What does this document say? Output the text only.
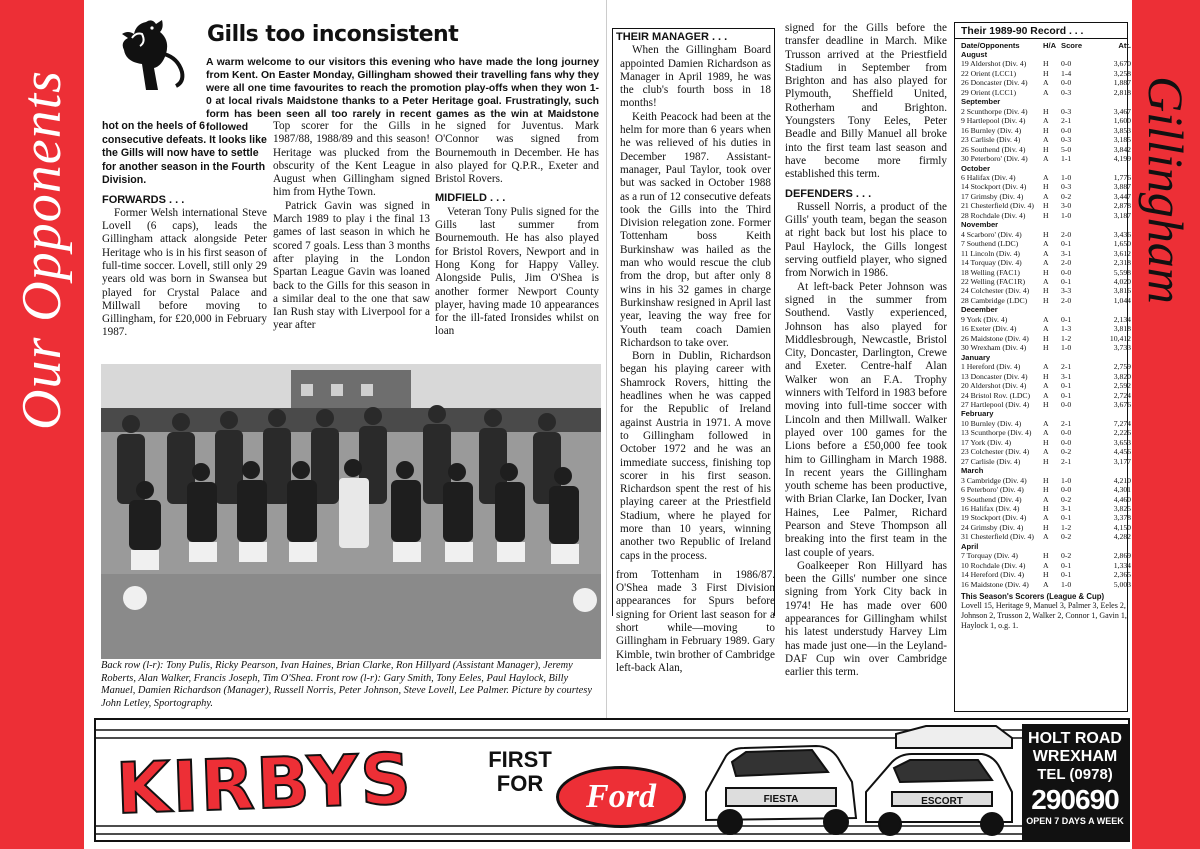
Our Opponents	Gillingham
Gills too inconsistent
A warm welcome to our visitors this evening who have made the long journey from Kent. On Easter Monday, Gillingham showed their travelling fans why they were all one time favourites to reach the promotion play-offs when they won 1-0 at local rivals Maidstone thanks to a Peter Heritage goal. Frustratingly, such form has been seen all too rarely in recent games as the win at Maidstone followed

hot on the heels of 6 consecutive defeats. It looks like the Gills will now have to settle for another season in the Fourth Division.

FORWARDS . . .

Former Welsh international Steve Lovell (6 caps), leads the Gillingham attack alongside Peter Heritage who is in his first season of full-time soccer. Lovell, still only 29 years old was born in Swansea but played for Crystal Palace and Millwall before moving to Gillingham, for £20,000 in February 1987.

Top scorer for the Gills in 1987/88, 1988/89 and this season! Heritage was plucked from the obscurity of the Kent League in August when Gillingham signed him from Hythe Town.

Patrick Gavin was signed in March 1989 to play i the final 13 games of last season in which he scored 7 goals. Less than 3 months after playing in the London Spartan League Gavin was loaned back to the Gills for this season in a similar deal to the one that saw Ian Rush stay with Liverpool for a year after

he signed for Juventus. Mark O'Connor was signed from Bournemouth in December. He has also played for Q.P.R., Exeter and Bristol Rovers.

MIDFIELD . . .

Veteran Tony Pulis signed for the Gills last summer from Bournemouth. He has also played for Bristol Rovers, Newport and in Hong Kong for Happy Valley. Alongside Pulis, Jim O'Shea is another former Newport County player, having made 10 appearances for the ill-fated Ironsides whilst on loan

Back row (l-r): Tony Pulis, Ricky Pearson, Ivan Haines, Brian Clarke, Ron Hillyard (Assistant Manager), Jeremy Roberts, Alan Walker, Francis Joseph, Tim O'Shea. Front row (l-r): Gary Smith, Tony Eeles, Paul Haylock, Billy Manuel, Damien Richardson (Manager), Russell Norris, Peter Johnson, Steve Lovell, Lee Palmer. Picture by courtesy John Letley, Sportography.

THEIR MANAGER . . .

When the Gillingham Board appointed Damien Richardson as Manager in April 1989, he was the club's fourth boss in 18 months!

Keith Peacock had been at the helm for more than 6 years when he was relieved of his duties in December 1987. Assistant-manager, Paul Taylor, took over but was sacked in October 1988 as a run of 12 consecutive defeats took the Gills into the Third Division relegation zone. Former Tottenham boss Keith Burkinshaw was hailed as the man who would rescue the club from the drop, but after only 8 wins in his 32 games in charge Burkinshaw resigned in April last year, leaving the way free for Youth team coach Damien Richardson to take over.

Born in Dublin, Richardson began his playing career with Shamrock Rovers, hitting the headlines when he was capped for the Republic of Ireland against Austria in 1971. A move to Gillingham followed in October 1972 and he was an immediate success, finishing top scorer in his first season. Richardson spent the rest of his playing career at the Priestfield Stadium, where he played for more than 10 years, winning another two Republic of Ireland caps in the process.

from Tottenham in 1986/87. O'Shea made 3 First Division appearances for Spurs before signing for Orient last season for a short while—moving to Gillingham in February 1989. Gary Kimble, twin brother of Cambridge left-back Alan,

signed for the Gills before the transfer deadline in March. Mike Trusson arrived at the Priestfield Stadium in September from Brighton and has also played for Plymouth, Sheffield United, Rotherham and Brighton. Youngsters Tony Eeles, Peter Beadle and Billy Manuel all broke into the first team last season and have become more firmly established this term.

DEFENDERS . . .

Russell Norris, a product of the Gills' youth team, began the season at right back but lost his place to Paul Haylock, the Gills longest serving outfield player, who signed from Norwich in 1986.

At left-back Peter Johnson was signed in the summer from Southend. Vastly experienced, Johnson has also played for Middlesbrough, Newcastle, Bristol City, Doncaster, Darlington, Crewe and Exeter. Centre-half Alan Walker won an F.A. Trophy winners with Telford in 1983 before moving into full-time soccer with Lincoln and then Millwall. Walker played over 100 games for the Lions before a £50,000 fee took him to Gillingham in March 1988. In recent years the Gillingham youth scheme has been productive, with Brian Clarke, Ian Docker, Ivan Haines, Lee Palmer, Richard Pearson and Steve Thompson all breaking into the first team in the last couple of years.

Goalkeeper Ron Hillyard has been the Gills' number one since signing from York City back in 1974! He has made over 600 appearances for Gillingham whilst his latest understudy Harvey Lim has made just one—in the Leyland-DAF Cup win over Cambridge earlier this term.

Their 1989-90 Record . . .
Date/Opponents	H/A Score	Att.
August
19 Aldershot (Div. 4)	H	0-0	3,670
22 Orient (LCC1)	H	1-4	3,258
26 Doncaster (Div. 4)	A	0-0	1,887
29 Orient (LCC1)	A	0-3	2,818
September
2 Scunthorpe (Div. 4)	H	0-3	3,467
9 Hartlepool (Div. 4)	A	2-1	1,600
16 Burnley (Div. 4)	H	0-0	3,853
23 Carlisle (Div. 4)	A	0-3	3,185
26 Southend (Div. 4)	H	5-0	3,842
30 Peterboro' (Div. 4)	A	1-1	4,199
October
6 Halifax (Div. 4)	A	1-0	1,776
14 Stockport (Div. 4)	H	0-3	3,887
17 Grimsby (Div. 4)	A	0-2	3,447
21 Chesterfield (Div. 4)	H	3-0	2,878
28 Rochdale (Div. 4)	H	1-0	3,187
November
4 Scarboro' (Div. 4)	H	2-0	3,436
7 Southend (LDC)	A	0-1	1,650
11 Lincoln (Div. 4)	A	3-1	3,612
14 Torquay (Div. 4)	A	2-0	2,318
18 Welling (FAC1)	H	0-0	5,598
22 Welling (FAC1R)	A	0-1	4,020
24 Colchester (Div. 4)	H	3-3	3,816
28 Cambridge (LDC)	H	2-0	1,044
December
9 York (Div. 4)	A	0-1	2,134
16 Exeter (Div. 4)	A	1-3	3,818
26 Maidstone (Div. 4)	H	1-2	10,412
30 Wrexham (Div. 4)	H	1-0	3,733
January
1 Hereford (Div. 4)	A	2-1	2,759
13 Doncaster (Div. 4)	H	3-1	3,820
20 Aldershot (Div. 4)	A	0-1	2,592
24 Bristol Rov. (LDC)	A	0-1	2,724
27 Hartlepool (Div. 4)	H	0-0	3,676
February
10 Burnley (Div. 4)	A	2-1	7,274
13 Scunthorpe (Div. 4)	A	0-0	2,226
17 York (Div. 4)	H	0-0	3,653
23 Colchester (Div. 4)	A	0-2	4,456
27 Carlisle (Div. 4)	H	2-1	3,177
March
3 Cambridge (Div. 4)	H	1-0	4,210
6 Peterboro' (Div. 4)	H	0-0	4,301
9 Southend (Div. 4)	A	0-2	4,460
16 Halifax (Div. 4)	H	3-1	3,825
19 Stockport (Div. 4)	A	0-1	3,378
24 Grimsby (Div. 4)	H	1-2	4,150
31 Chesterfield (Div. 4)	A	0-2	4,282
April
7 Torquay (Div. 4)	H	0-2	2,869
10 Rochdale (Div. 4)	A	0-1	1,334
14 Hereford (Div. 4)	H	0-1	2,365
16 Maidstone (Div. 4)	A	1-0	5,003
This Season's Scorers (League & Cup)
Lovell 15, Heritage 9, Manuel 3, Palmer 3, Eeles 2, Johnson 2, Trusson 2, Walker 2, Connor 1, Gavin 1, Haylock 1, o.g. 1.
KIRBYS	FIRST
FOR	Ford	FIESTA	ESCORT
HOLT ROAD
WREXHAM
TEL (0978)
290690
OPEN 7 DAYS A WEEK
